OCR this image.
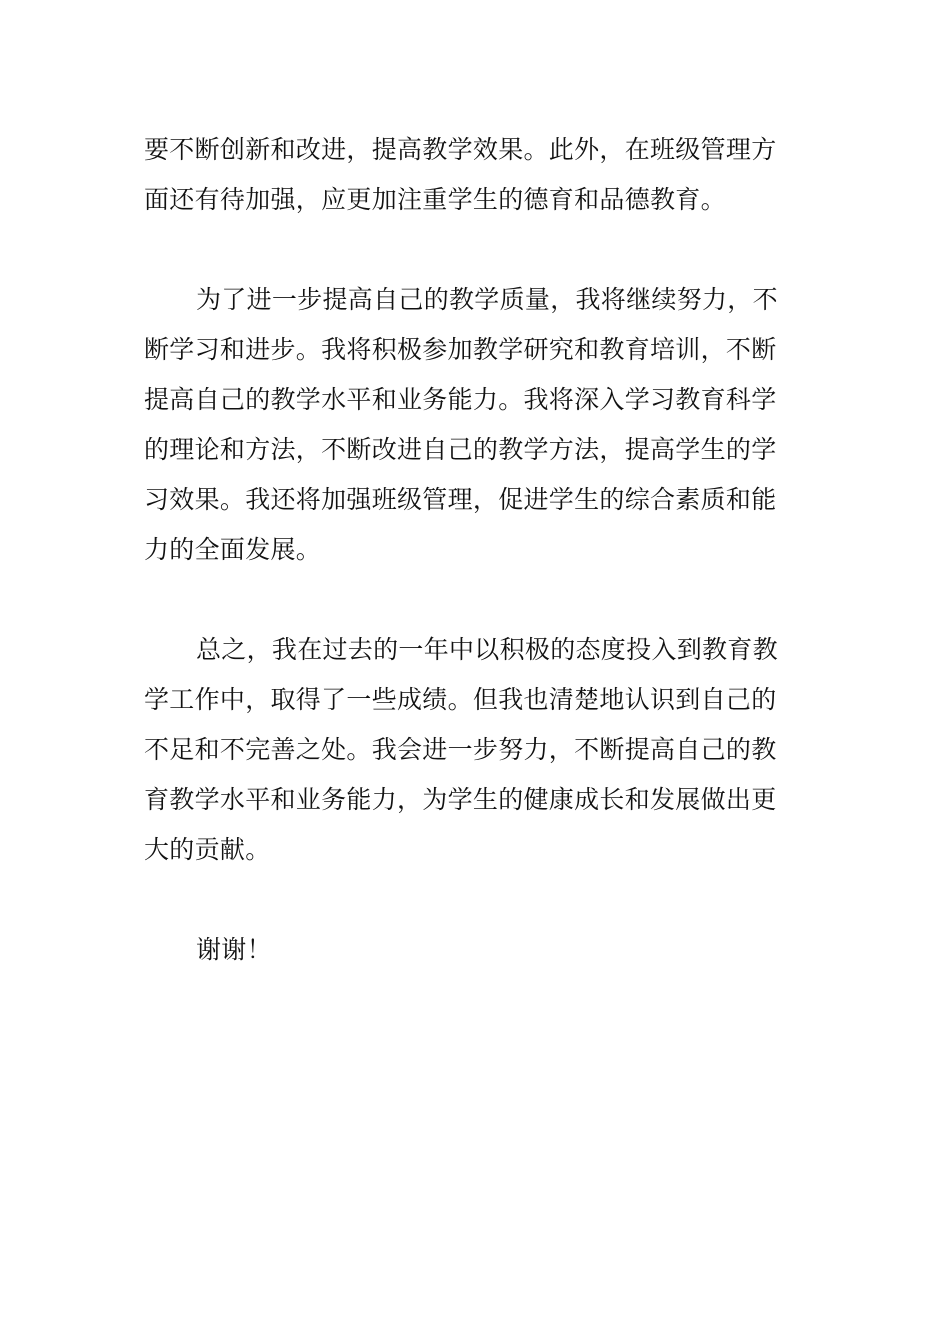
要不断创新和改进，提高教学效果。此外，在班级管理方
面还有待加强，应更加注重学生的德育和品德教育。

为了进一步提高自己的教学质量，我将继续努力，不
断学习和进步。我将积极参加教学研究和教育培训，不断
提高自己的教学水平和业务能力。我将深入学习教育科学
的理论和方法，不断改进自己的教学方法，提高学生的学
习效果。我还将加强班级管理，促进学生的综合素质和能
力的全面发展。

总之，我在过去的一年中以积极的态度投入到教育教
学工作中，取得了一些成绩。但我也清楚地认识到自己的
不足和不完善之处。我会进一步努力，不断提高自己的教
育教学水平和业务能力，为学生的健康成长和发展做出更
大的贡献。

谢谢！
